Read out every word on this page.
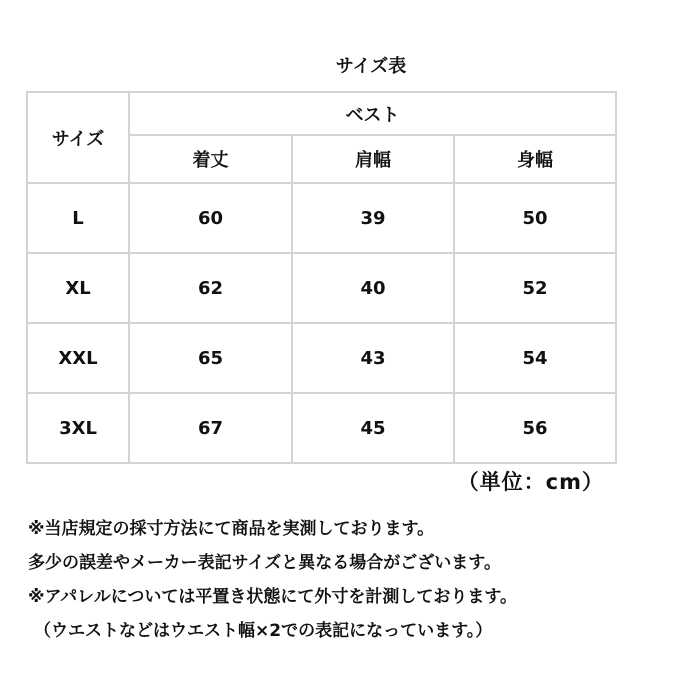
サイズ表
サイズ	ベスト		
	着丈	肩幅	身幅
L	60	39	50
XL	62	40	52
XXL	65	43	54
3XL	67	45	56
（単位：cm）
※当店規定の採寸方法にて商品を実測しております。
多少の誤差やメーカー表記サイズと異なる場合がございます。
※アパレルについては平置き状態にて外寸を計測しております。
（ウエストなどはウエスト幅×2での表記になっています。）
